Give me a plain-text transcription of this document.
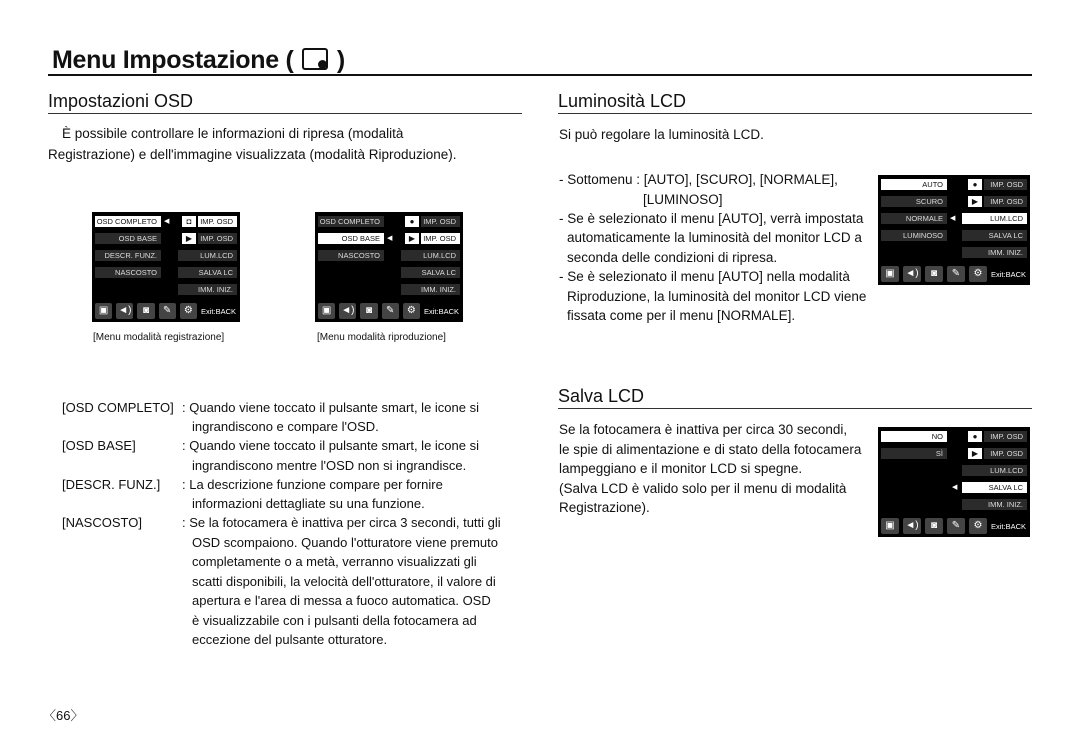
Menu Impostazione ( )
Impostazioni OSD
È possibile controllare le informazioni di ripresa (modalità
Registrazione) e dell'immagine visualizzata (modalità Riproduzione).
OSD COMPLETO	◀	◘	IMP. OSD
OSD BASE	▶	IMP. OSD
DESCR. FUNZ.	LUM.LCD
NASCOSTO	SALVA LC
IMM. INIZ.
▣ ◄)	◙	✎	⚙	Exit:BACK
[Menu modalità registrazione]
OSD COMPLETO	●	IMP. OSD
OSD BASE	◀	▶	IMP. OSD
NASCOSTO	LUM.LCD
SALVA LC
IMM. INIZ.
▣ ◄)	◙	✎	⚙	Exit:BACK
[Menu modalità riproduzione]
[OSD COMPLETO] : Quando viene toccato il pulsante smart, le icone si
ingrandiscono e compare l'OSD.
[OSD BASE]	: Quando viene toccato il pulsante smart, le icone si
ingrandiscono mentre l'OSD non si ingrandisce.
[DESCR. FUNZ.] : La descrizione funzione compare per fornire
informazioni dettagliate su una funzione.
[NASCOSTO]	: Se la fotocamera è inattiva per circa 3 secondi, tutti gli
OSD scompaiono. Quando l'otturatore viene premuto
completamente o a metà, verranno visualizzati gli
scatti disponibili, la velocità dell'otturatore, il valore di
apertura e l'area di messa a fuoco automatica. OSD
è visualizzabile con i pulsanti della fotocamera ad
eccezione del pulsante otturatore.
Luminosità LCD
Si può regolare la luminosità LCD.
- Sottomenu : [AUTO], [SCURO], [NORMALE],
[LUMINOSO]
- Se è selezionato il menu [AUTO], verrà impostata
automaticamente la luminosità del monitor LCD a
seconda delle condizioni di ripresa.
- Se è selezionato il menu [AUTO] nella modalità
Riproduzione, la luminosità del monitor LCD viene
fissata come per il menu [NORMALE].
AUTO	●	IMP. OSD
SCURO	▶	IMP. OSD
NORMALE	◀	LUM.LCD
LUMINOSO	SALVA LC
IMM. INIZ.
▣	◄)	◙	✎	⚙	Exit:BACK
Salva LCD
Se la fotocamera è inattiva per circa 30 secondi,
le spie di alimentazione e di stato della fotocamera
lampeggiano e il monitor LCD si spegne.
(Salva LCD è valido solo per il menu di modalità
Registrazione).
NO	●	IMP. OSD
SÌ	▶	IMP. OSD
LUM.LCD
◀	SALVA LC
IMM. INIZ.
▣	◄)	◙	✎	⚙	Exit:BACK
〈66〉
